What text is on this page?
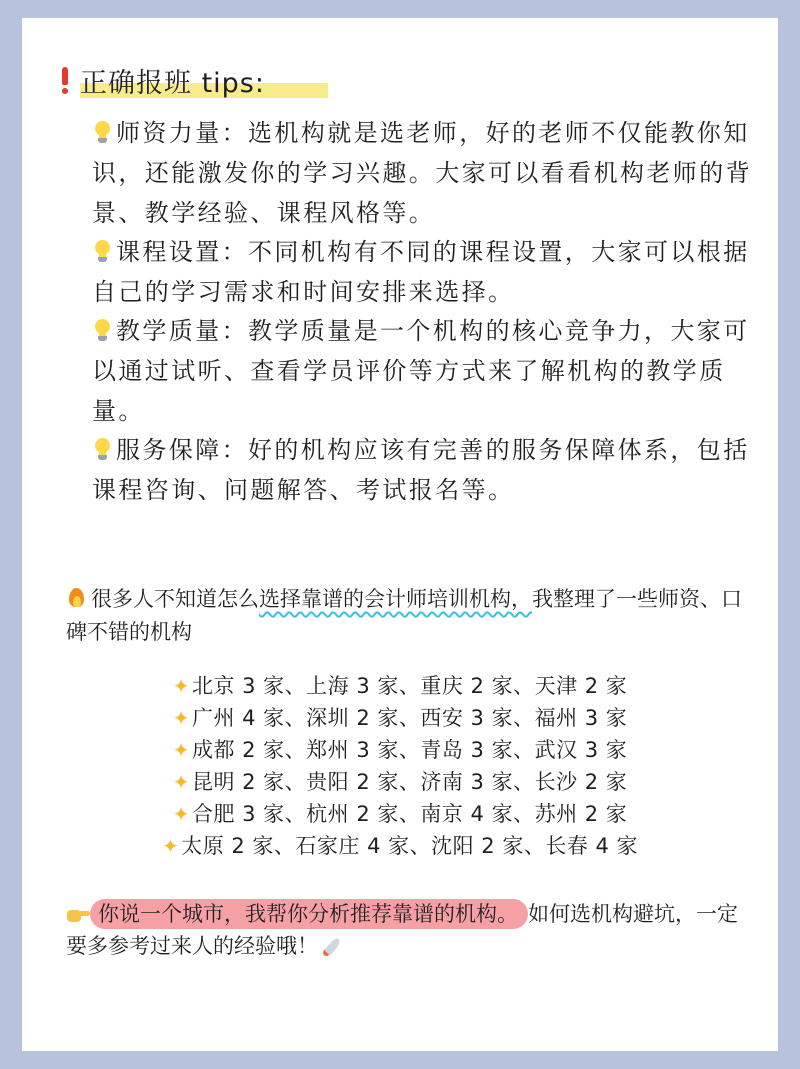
正确报班 tips:
师资力量：选机构就是选老师，好的老师不仅能教你知识，还能激发你的学习兴趣。大家可以看看机构老师的背景、教学经验、课程风格等。
课程设置：不同机构有不同的课程设置，大家可以根据自己的学习需求和时间安排来选择。
教学质量：教学质量是一个机构的核心竞争力，大家可以通过试听、查看学员评价等方式来了解机构的教学质量。
服务保障：好的机构应该有完善的服务保障体系，包括课程咨询、问题解答、考试报名等。
很多人不知道怎么选择靠谱的会计师培训机构，我整理了一些师资、口碑不错的机构
✦北京 3 家、上海 3 家、重庆 2 家、天津 2 家
✦广州 4 家、深圳 2 家、西安 3 家、福州 3 家
✦成都 2 家、郑州 3 家、青岛 3 家、武汉 3 家
✦昆明 2 家、贵阳 2 家、济南 3 家、长沙 2 家
✦合肥 3 家、杭州 2 家、南京 4 家、苏州 2 家
✦太原 2 家、石家庄 4 家、沈阳 2 家、长春 4 家
你说一个城市，我帮你分析推荐靠谱的机构。 如何选机构避坑，一定要多参考过来人的经验哦！
